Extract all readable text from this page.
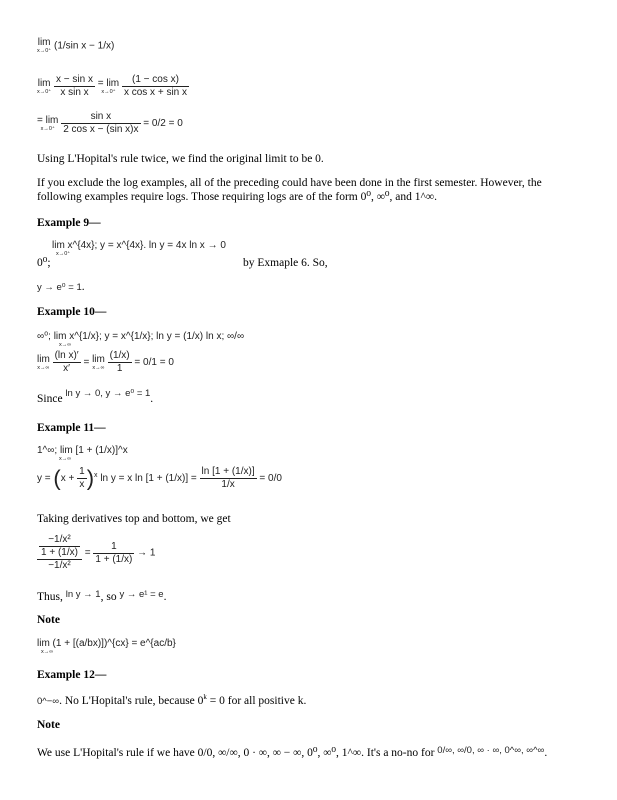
lim
x→0⁺ (1/sin x − 1/x)
lim
x→0⁺
$\frac{\text{x − sin x}}{\text{x sin x}} = \lim$
x→0⁺
$\frac{\text{(1 − cos x)}}{\text{x cos x + sin x}}$
= lim
x→0⁺
$\frac{\text{sin x}}{\text{2 cos x − (sin x)x}} = 0/2 = 0$
Using L'Hopital's rule twice, we find the original limit to be 0.
If you exclude the log examples, all of the preceding could have been done in the first semester. However, the following examples require logs. Those requiring logs are of the form 0⁰, ∞⁰, and 1^∞.
Example 9—
lim x^{4x}; y = x^{4x}. ln y = 4x ln x → 0
x→0⁺
0⁰;	by Exmaple 6. So,
y → e⁰ = 1.
Example 10—
∞⁰; lim x^{1/x}; y = x^{1/x}; ln y = (1/x) ln x; ∞/∞
x→∞
lim
x→∞
$\frac{\text{(ln x)′}}{x'} = \lim$
x→∞
$\frac{(1/x)}{1} = 0/1 = 0$
Since $^{ln y \to 0, y \to e^0 = 1}$.
Example 11—
1^∞; lim [1 + (1/x)]^x
x→∞
$y = (x + \frac{1}{x} )^x$ ln y = x $\ln [1 + (1/x)] = \frac{\ln [1 + (1/x)]}{1/x} = 0/0$
Taking derivatives top and bottom, we get
$\frac{\frac{\text{−1/x²}}{1 + (1/x)}}{\text{−1/x²}} = \frac{1}{1 + (1/x)} \to 1$
Thus, $^{ln y \to 1}$, so $^{y \to e^1 = e}$.
Note
lim (1 + [(a/bx)])^{cx} = e^{ac/b}
x→∞
Example 12—
0^−∞. No L'Hopital's rule, because $0^k = 0$ for all positive k.
Note
We use L'Hopital's rule if we have 0/0, ∞/∞, 0 · ∞, ∞ − ∞, 0⁰, ∞⁰, 1^∞. It's a no-no for $^{0/\infty, \infty/0, \infty \cdot \infty, 0\^{}\infty, \infty\^{}\infty}$.
